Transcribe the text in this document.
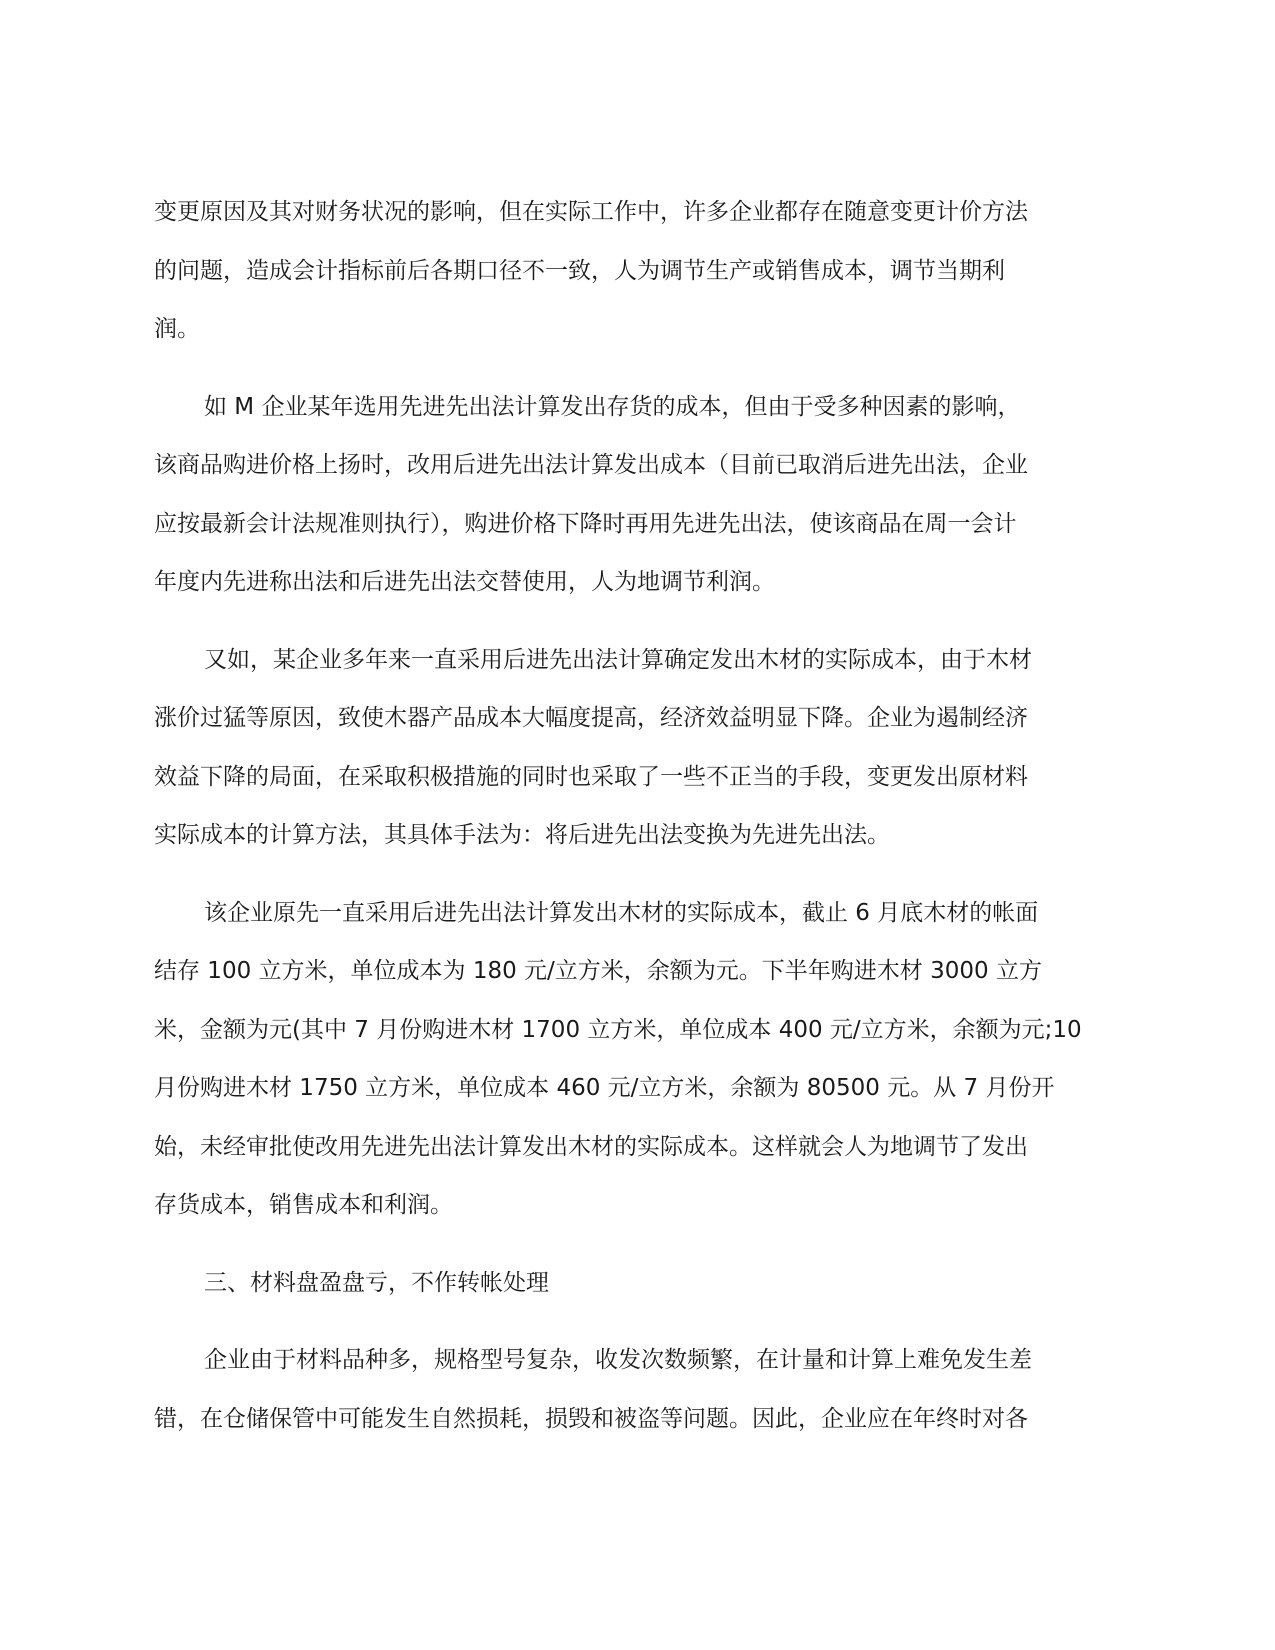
变更原因及其对财务状况的影响，但在实际工作中，许多企业都存在随意变更计价方法
的问题，造成会计指标前后各期口径不一致，人为调节生产或销售成本，调节当期利
润。
如 M 企业某年选用先进先出法计算发出存货的成本，但由于受多种因素的影响，
该商品购进价格上扬时，改用后进先出法计算发出成本（目前已取消后进先出法，企业
应按最新会计法规准则执行），购进价格下降时再用先进先出法，使该商品在周一会计
年度内先进称出法和后进先出法交替使用，人为地调节利润。
又如，某企业多年来一直采用后进先出法计算确定发出木材的实际成本，由于木材
涨价过猛等原因，致使木器产品成本大幅度提高，经济效益明显下降。企业为遏制经济
效益下降的局面，在采取积极措施的同时也采取了一些不正当的手段，变更发出原材料
实际成本的计算方法，其具体手法为：将后进先出法变换为先进先出法。
该企业原先一直采用后进先出法计算发出木材的实际成本，截止 6 月底木材的帐面
结存 100 立方米，单位成本为 180 元/立方米，余额为元。下半年购进木材 3000 立方
米，金额为元(其中 7 月份购进木材 1700 立方米，单位成本 400 元/立方米，余额为元;10
月份购进木材 1750 立方米，单位成本 460 元/立方米，余额为 80500 元。从 7 月份开
始，未经审批使改用先进先出法计算发出木材的实际成本。这样就会人为地调节了发出
存货成本，销售成本和利润。
三、材料盘盈盘亏，不作转帐处理
企业由于材料品种多，规格型号复杂，收发次数频繁，在计量和计算上难免发生差
错，在仓储保管中可能发生自然损耗，损毁和被盗等问题。因此，企业应在年终时对各
